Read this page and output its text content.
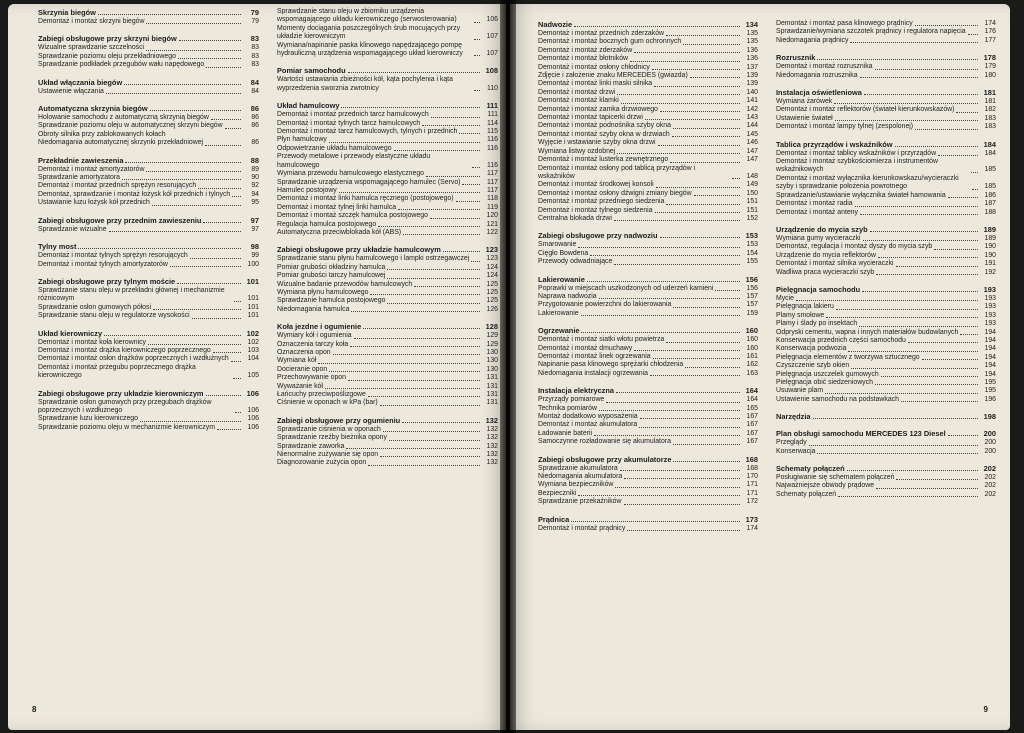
Skrzynia biegów	79
Demontaż i montaż skrzyni biegów	79
Zabiegi obsługowe przy skrzyni biegów	83
Wizualne sprawdzanie szczelności	83
Sprawdzanie poziomu oleju przekładniowego	83
Sprawdzanie podkładek przegubów wału napędowego	83
Układ włączania biegów	84
Ustawienie włączania	84
Automatyczna skrzynia biegów	86
Holowanie samochodu z automatyczną skrzynią biegów	86
Sprawdzanie poziomu oleju w automatycznej skrzyni biegów	86
Obroty silnika przy zablokowanych kołach
Niedomagania automatycznej skrzynki przekładniowej	86
Przekładnie zawieszenia	88
Demontaż i montaż amortyzatorów	89
Sprawdzanie amortyzatora	90
Demontaż i montaż przednich sprężyn resorujących	92
Demontaż, sprawdzanie i montaż łożysk kół przednich i tylnych	94
Ustawianie luzu łożysk kół przednich	95
Zabiegi obsługowe przy przednim zawieszeniu	97
Sprawdzanie wizualne	97
Tylny most	98
Demontaż i montaż tylnych sprężyn resorujących	99
Demontaż i montaż tylnych amortyzatorów	100
Zabiegi obsługowe przy tylnym moście	101
Sprawdzanie stanu oleju w przekładni głównej i mechanizmie różnicowym	101
Sprawdzanie osłon gumowych półosi	101
Sprawdzanie stanu oleju w regulatorze wysokości	101
Układ kierowniczy	102
Demontaż i montaż koła kierownicy	102
Demontaż i montaż drążka kierowniczego poprzecznego	103
Demontaż i montaż osłon drążków poprzecznych i wzdłużnych	104
Demontaż i montaż przegubu poprzecznego drążka kierowniczego	105
Zabiegi obsługowe przy układzie kierowniczym	106
Sprawdzanie osłon gumowych przy przegubach drążków poprzecznych i wzdłużnego	106
Sprawdzanie luzu kierowniczego	106
Sprawdzanie poziomu oleju w mechanizmie kierowniczym	106
Sprawdzanie stanu oleju w zbiorniku urządzenia wspomagającego układu kierowniczego (serwosterowania)	106
Momenty dociągania poszczególnych śrub mocujących przy układzie kierowniczym	107
Wymiana/napinanie paska klinowego napędzającego pompę hydrauliczną urządzenia wspomagającego układ kierowniczy	107
Pomiar samochodu	108
Wartości ustawiania zbieżności kół, kąta pochylenia i kąta wyprzedzenia sworznia zwrotnicy	110
Układ hamulcowy	111
Demontaż i montaż przednich tarcz hamulcowych	111
Demontaż i montaż tylnych tarcz hamulcowych	114
Demontaż i montaż tarcz hamulcowych, tylnych i przednich	115
Płyn hamulcowy	116
Odpowietrzanie układu hamulcowego	116
Przewody metalowe i przewody elastyczne układu hamulcowego	116
Wymiana przewodu hamulcowego elastycznego	117
Sprawdzanie urządzenia wspomagającego hamulec (Servo)	117
Hamulec postojowy	117
Demontaż i montaż linki hamulca ręcznego (postojowego)	118
Demontaż i montaż tylnej linki hamulca	119
Demontaż i montaż szczęk hamulca postojowego	120
Regulacja hamulca postojowego	121
Automatyczna przeciwblokada kół (ABS)	122
Zabiegi obsługowe przy układzie hamulcowym	123
Sprawdzanie stanu płynu hamulcowego i lampki ostrzegawczej	123
Pomiar grubości okładziny hamulca	124
Pomiar grubości tarczy hamulcowej	124
Wizualne badanie przewodów hamulcowych	125
Wymiana płynu hamulcowego	125
Sprawdzanie hamulca postojowego	125
Niedomagania hamulca	126
Koła jezdne i ogumienie	128
Wymiary kół i ogumienia	129
Oznaczenia tarczy koła	129
Oznaczenia opon	130
Wymiana kół	130
Docieranie opon	130
Przechowywanie opon	131
Wyważanie kół	131
Łańcuchy przeciwpoślizgowe	131
Ciśnienie w oponach w kPa (bar)	131
Zabiegi obsługowe przy ogumieniu	132
Sprawdzanie ciśnienia w oponach	132
Sprawdzanie rzeźby bieżnika opony	132
Sprawdzanie zaworka	132
Nienormalne zużywanie się opon	132
Diagnozowanie zużycia opon	132
8
Nadwozie	134
Demontaż i montaż przednich zderzaków	135
Demontaż i montaż bocznych gum ochronnych	135
Demontaż i montaż zderzaków	136
Demontaż i montaż błotników	136
Demontaż i montaż osłony chłodnicy	137
Zdjęcie i założenie znaku MERCEDES (gwiazda)	139
Demontaż i montaż linki maski silnika	139
Demontaż i montaż drzwi	140
Demontaż i montaż klamki	141
Demontaż i montaż zamka drzwiowego	142
Demontaż i montaż tapicerki drzwi	143
Demontaż i montaż podnośnika szyby okna	144
Demontaż i montaż szyby okna w drzwiach	145
Wyjęcie i wstawianie szyby okna drzwi	146
Wymiana listwy ozdobnej	147
Demontaż i montaż lusterka zewnętrznego	147
Demontaż i montaż osłony pod tablicą przyrządów i wskaźników	148
Demontaż i montaż środkowej konsoli	149
Demontaż i montaż osłony dźwigni zmiany biegów	150
Demontaż i montaż przedniego siedzenia	151
Demontaż i montaż tylnego siedzenia	151
Centralna blokada drzwi	152
Zabiegi obsługowe przy nadwoziu	153
Smarowanie	153
Cięgło Bowdena	154
Przewody odwadniające	155
Lakierowanie	156
Poprawki w miejscach uszkodzonych od uderzeń kamieni	156
Naprawa nadwozia	157
Przygotowanie powierzchni do lakierowania	157
Lakierowanie	159
Ogrzewanie	160
Demontaż i montaż siatki włotu powietrza	160
Demontaż i montaż dmuchawy	160
Demontaż i montaż linek ogrzewania	161
Napinanie pasa klinowego sprężarki chłodzenia	162
Niedomagania instalacji ogrzewania	163
Instalacja elektryczna	164
Przyrządy pomiarowe	164
Technika pomiarów	165
Montaż dodatkowo wyposażenia	167
Demontaż i montaż akumulatora	167
Ładowanie baterii	167
Samoczynne rozładowanie się akumulatora	167
Zabiegi obsługowe przy akumulatorze	168
Sprawdzanie akumulatora	168
Niedomagania akumulatora	170
Wymiana bezpieczników	171
Bezpieczniki	171
Sprawdzanie przekaźników	172
Prądnica	173
Demontaż i montaż prądnicy	174
Demontaż i montaż pasa klinowego prądnicy	174
Sprawdzanie/wymiana szczotek prądnicy i regulatora napięcia	176
Niedomagania prądnicy	177
Rozrusznik	178
Demontaż i montaż rozrusznika	179
Niedomagania rozrusznika	180
Instalacja oświetleniowa	181
Wymiana żarówek	181
Demontaż i montaż reflektorów (świateł kierunkowskazów)	182
Ustawienie świateł	183
Demontaż i montaż lampy tylnej (zespolonej)	183
Tablica przyrządów i wskaźników	184
Demontaż i montaż tablicy wskaźników i przyrządów	184
Demontaż i montaż szybkościomierza i instrumentów wskaźnikowych	185
Demontaż i montaż wyłącznika kierunkowskazu/wycieraczki szyby i sprawdzanie położenia powrotnego	185
Sprawdzanie/ustawianie wyłącznika świateł hamowania	186
Demontaż i montaż radia	187
Demontaż i montaż anteny	188
Urządzenie do mycia szyb	189
Wymiana gumy wycieraczki	189
Demontaż, regulacja i montaż dyszy do mycia szyb	190
Urządzenie do mycia reflektorów	190
Demontaż i montaż silnika wycieraczki	191
Wadliwa praca wycieraczki szyb	192
Pielęgnacja samochodu	193
Mycie	193
Pielęgnacja lakieru	193
Plamy smołowe	193
Plamy i ślady po insektach	193
Odpryski cementu, wapna i innych materiałów budowlanych	194
Konserwacja przednich części samochodu	194
Konserwacja podwozia	194
Pielęgnacja elementów z tworzywa sztucznego	194
Czyszczenie szyb okien	194
Pielęgnacja uszczelek gumowych	194
Pielęgnacja obić siedzeniowych	195
Usuwanie plam	195
Ustawienie samochodu na podstawkach	196
Narzędzia	198
Plan obsługi samochodu MERCEDES 123 Diesel	200
Przeglądy	200
Konserwacja	200
Schematy połączeń	202
Posługiwanie się schematem połączeń	202
Najważniejsze obwody prądowe	202
Schematy połączeń	202
9
